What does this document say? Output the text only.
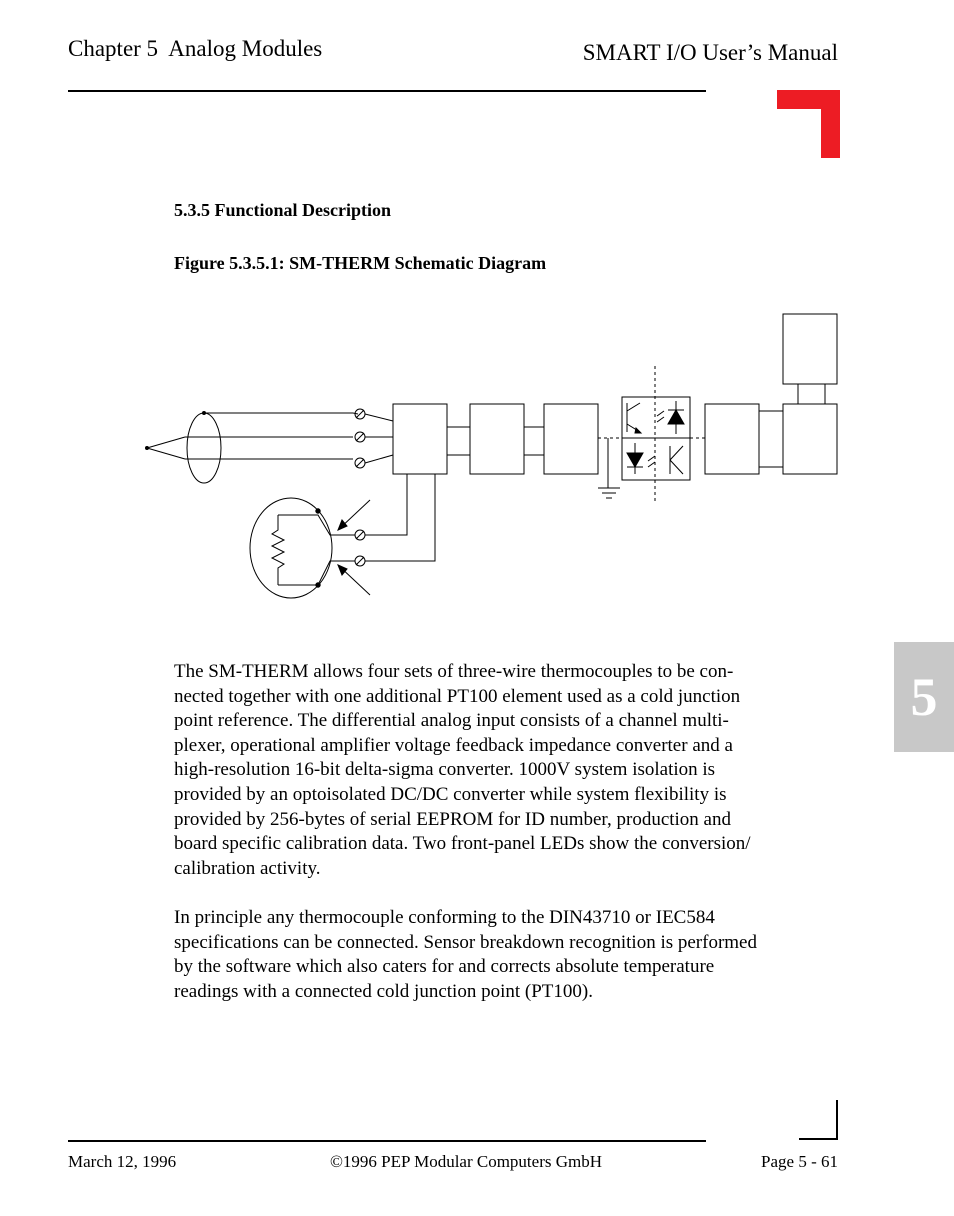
Chapter 5  Analog Modules	SMART I/O User’s Manual
5.3.5 Functional Description
Figure 5.3.5.1: SM-THERM Schematic Diagram
The SM-THERM allows four sets of three-wire thermocouples to be con-
nected together with one additional PT100 element used as a cold junction
point reference. The differential analog input consists of a channel multi-
plexer, operational amplifier voltage feedback impedance converter and a
high-resolution 16-bit delta-sigma converter. 1000V system isolation is
provided by an optoisolated DC/DC converter while system flexibility is
provided by 256-bytes of serial EEPROM for ID number, production and
board specific calibration data. Two front-panel LEDs show the conversion/
calibration activity.
In principle any thermocouple conforming to the DIN43710 or IEC584
specifications can be connected. Sensor breakdown recognition is performed
by the software which also caters for and corrects absolute temperature
readings with a connected cold junction point (PT100).
5
March 12, 1996	©1996 PEP Modular Computers GmbH	Page 5 - 61
